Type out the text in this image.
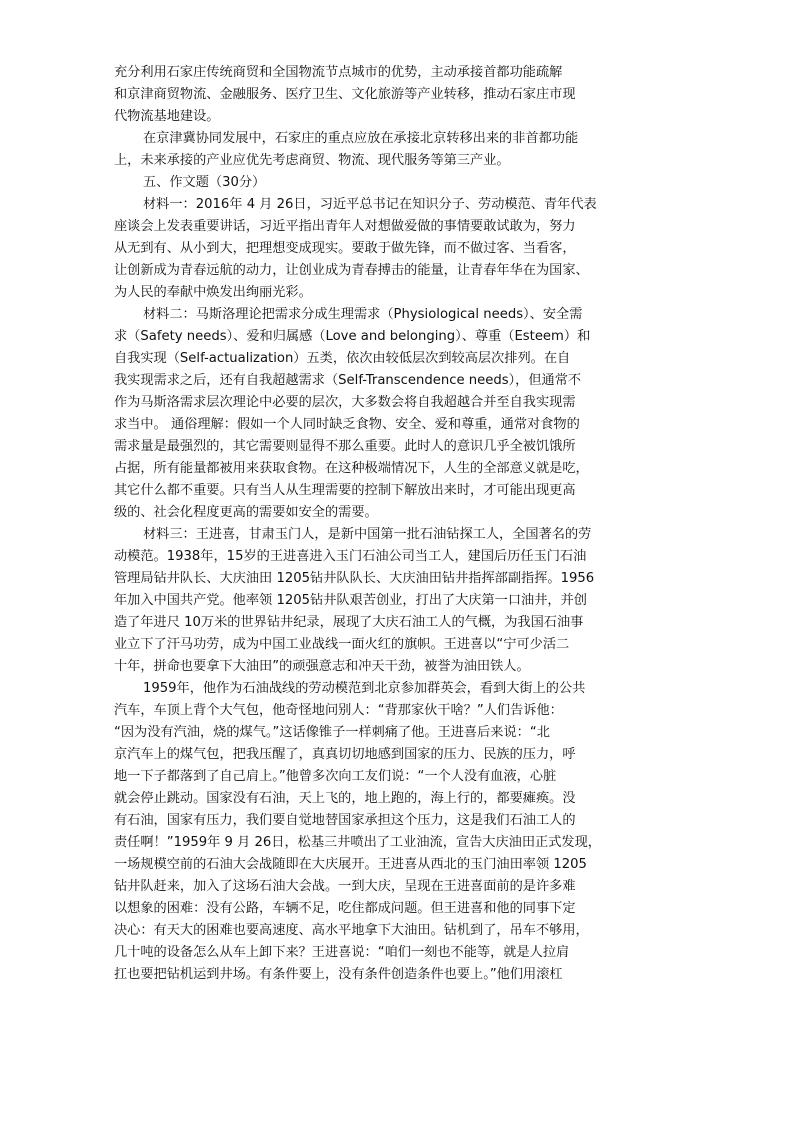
充分利用石家庄传统商贸和全国物流节点城市的优势，主动承接首都功能疏解
和京津商贸物流、金融服务、医疗卫生、文化旅游等产业转移，推动石家庄市现
代物流基地建设。
在京津冀协同发展中，石家庄的重点应放在承接北京转移出来的非首都功能
上，未来承接的产业应优先考虑商贸、物流、现代服务等第三产业。
五、作文题（30分）
材料一：2016年 4 月 26日，习近平总书记在知识分子、劳动模范、青年代表
座谈会上发表重要讲话，习近平指出青年人对想做爱做的事情要敢试敢为，努力
从无到有、从小到大，把理想变成现实。要敢于做先锋，而不做过客、当看客，
让创新成为青春远航的动力，让创业成为青春搏击的能量，让青春年华在为国家、
为人民的奉献中焕发出绚丽光彩。
材料二：马斯洛理论把需求分成生理需求（Physiological needs）、安全需
求（Safety needs）、爱和归属感（Love and belonging）、尊重（Esteem）和
自我实现（Self-actualization）五类，依次由较低层次到较高层次排列。在自
我实现需求之后，还有自我超越需求（Self-Transcendence needs），但通常不
作为马斯洛需求层次理论中必要的层次，大多数会将自我超越合并至自我实现需
求当中。 通俗理解：假如一个人同时缺乏食物、安全、爱和尊重，通常对食物的
需求量是最强烈的，其它需要则显得不那么重要。此时人的意识几乎全被饥饿所
占据，所有能量都被用来获取食物。在这种极端情况下，人生的全部意义就是吃，
其它什么都不重要。只有当人从生理需要的控制下解放出来时，才可能出现更高
级的、社会化程度更高的需要如安全的需要。
材料三：王进喜，甘肃玉门人，是新中国第一批石油钻探工人，全国著名的劳
动模范。1938年，15岁的王进喜进入玉门石油公司当工人，建国后历任玉门石油
管理局钻井队长、大庆油田 1205钻井队队长、大庆油田钻井指挥部副指挥。1956
年加入中国共产党。他率领 1205钻井队艰苦创业，打出了大庆第一口油井，并创
造了年进尺 10万米的世界钻井纪录，展现了大庆石油工人的气概，为我国石油事
业立下了汗马功劳，成为中国工业战线一面火红的旗帜。王进喜以“宁可少活二
十年，拼命也要拿下大油田”的顽强意志和冲天干劲，被誉为油田铁人。
1959年，他作为石油战线的劳动模范到北京参加群英会，看到大街上的公共
汽车，车顶上背个大气包，他奇怪地问别人：“背那家伙干啥？”人们告诉他：
“因为没有汽油，烧的煤气。”这话像锥子一样刺痛了他。王进喜后来说：“北
京汽车上的煤气包，把我压醒了，真真切切地感到国家的压力、民族的压力，呼
地一下子都落到了自己肩上。”他曾多次向工友们说：“一个人没有血液，心脏
就会停止跳动。国家没有石油，天上飞的，地上跑的，海上行的，都要瘫痪。没
有石油，国家有压力，我们要自觉地替国家承担这个压力，这是我们石油工人的
责任啊！”1959年 9 月 26日，松基三井喷出了工业油流，宣告大庆油田正式发现，
一场规模空前的石油大会战随即在大庆展开。王进喜从西北的玉门油田率领 1205
钻井队赶来，加入了这场石油大会战。一到大庆，呈现在王进喜面前的是许多难
以想象的困难：没有公路，车辆不足，吃住都成问题。但王进喜和他的同事下定
决心：有天大的困难也要高速度、高水平地拿下大油田。钻机到了，吊车不够用，
几十吨的设备怎么从车上卸下来？王进喜说：“咱们一刻也不能等，就是人拉肩
扛也要把钻机运到井场。有条件要上，没有条件创造条件也要上。”他们用滚杠
